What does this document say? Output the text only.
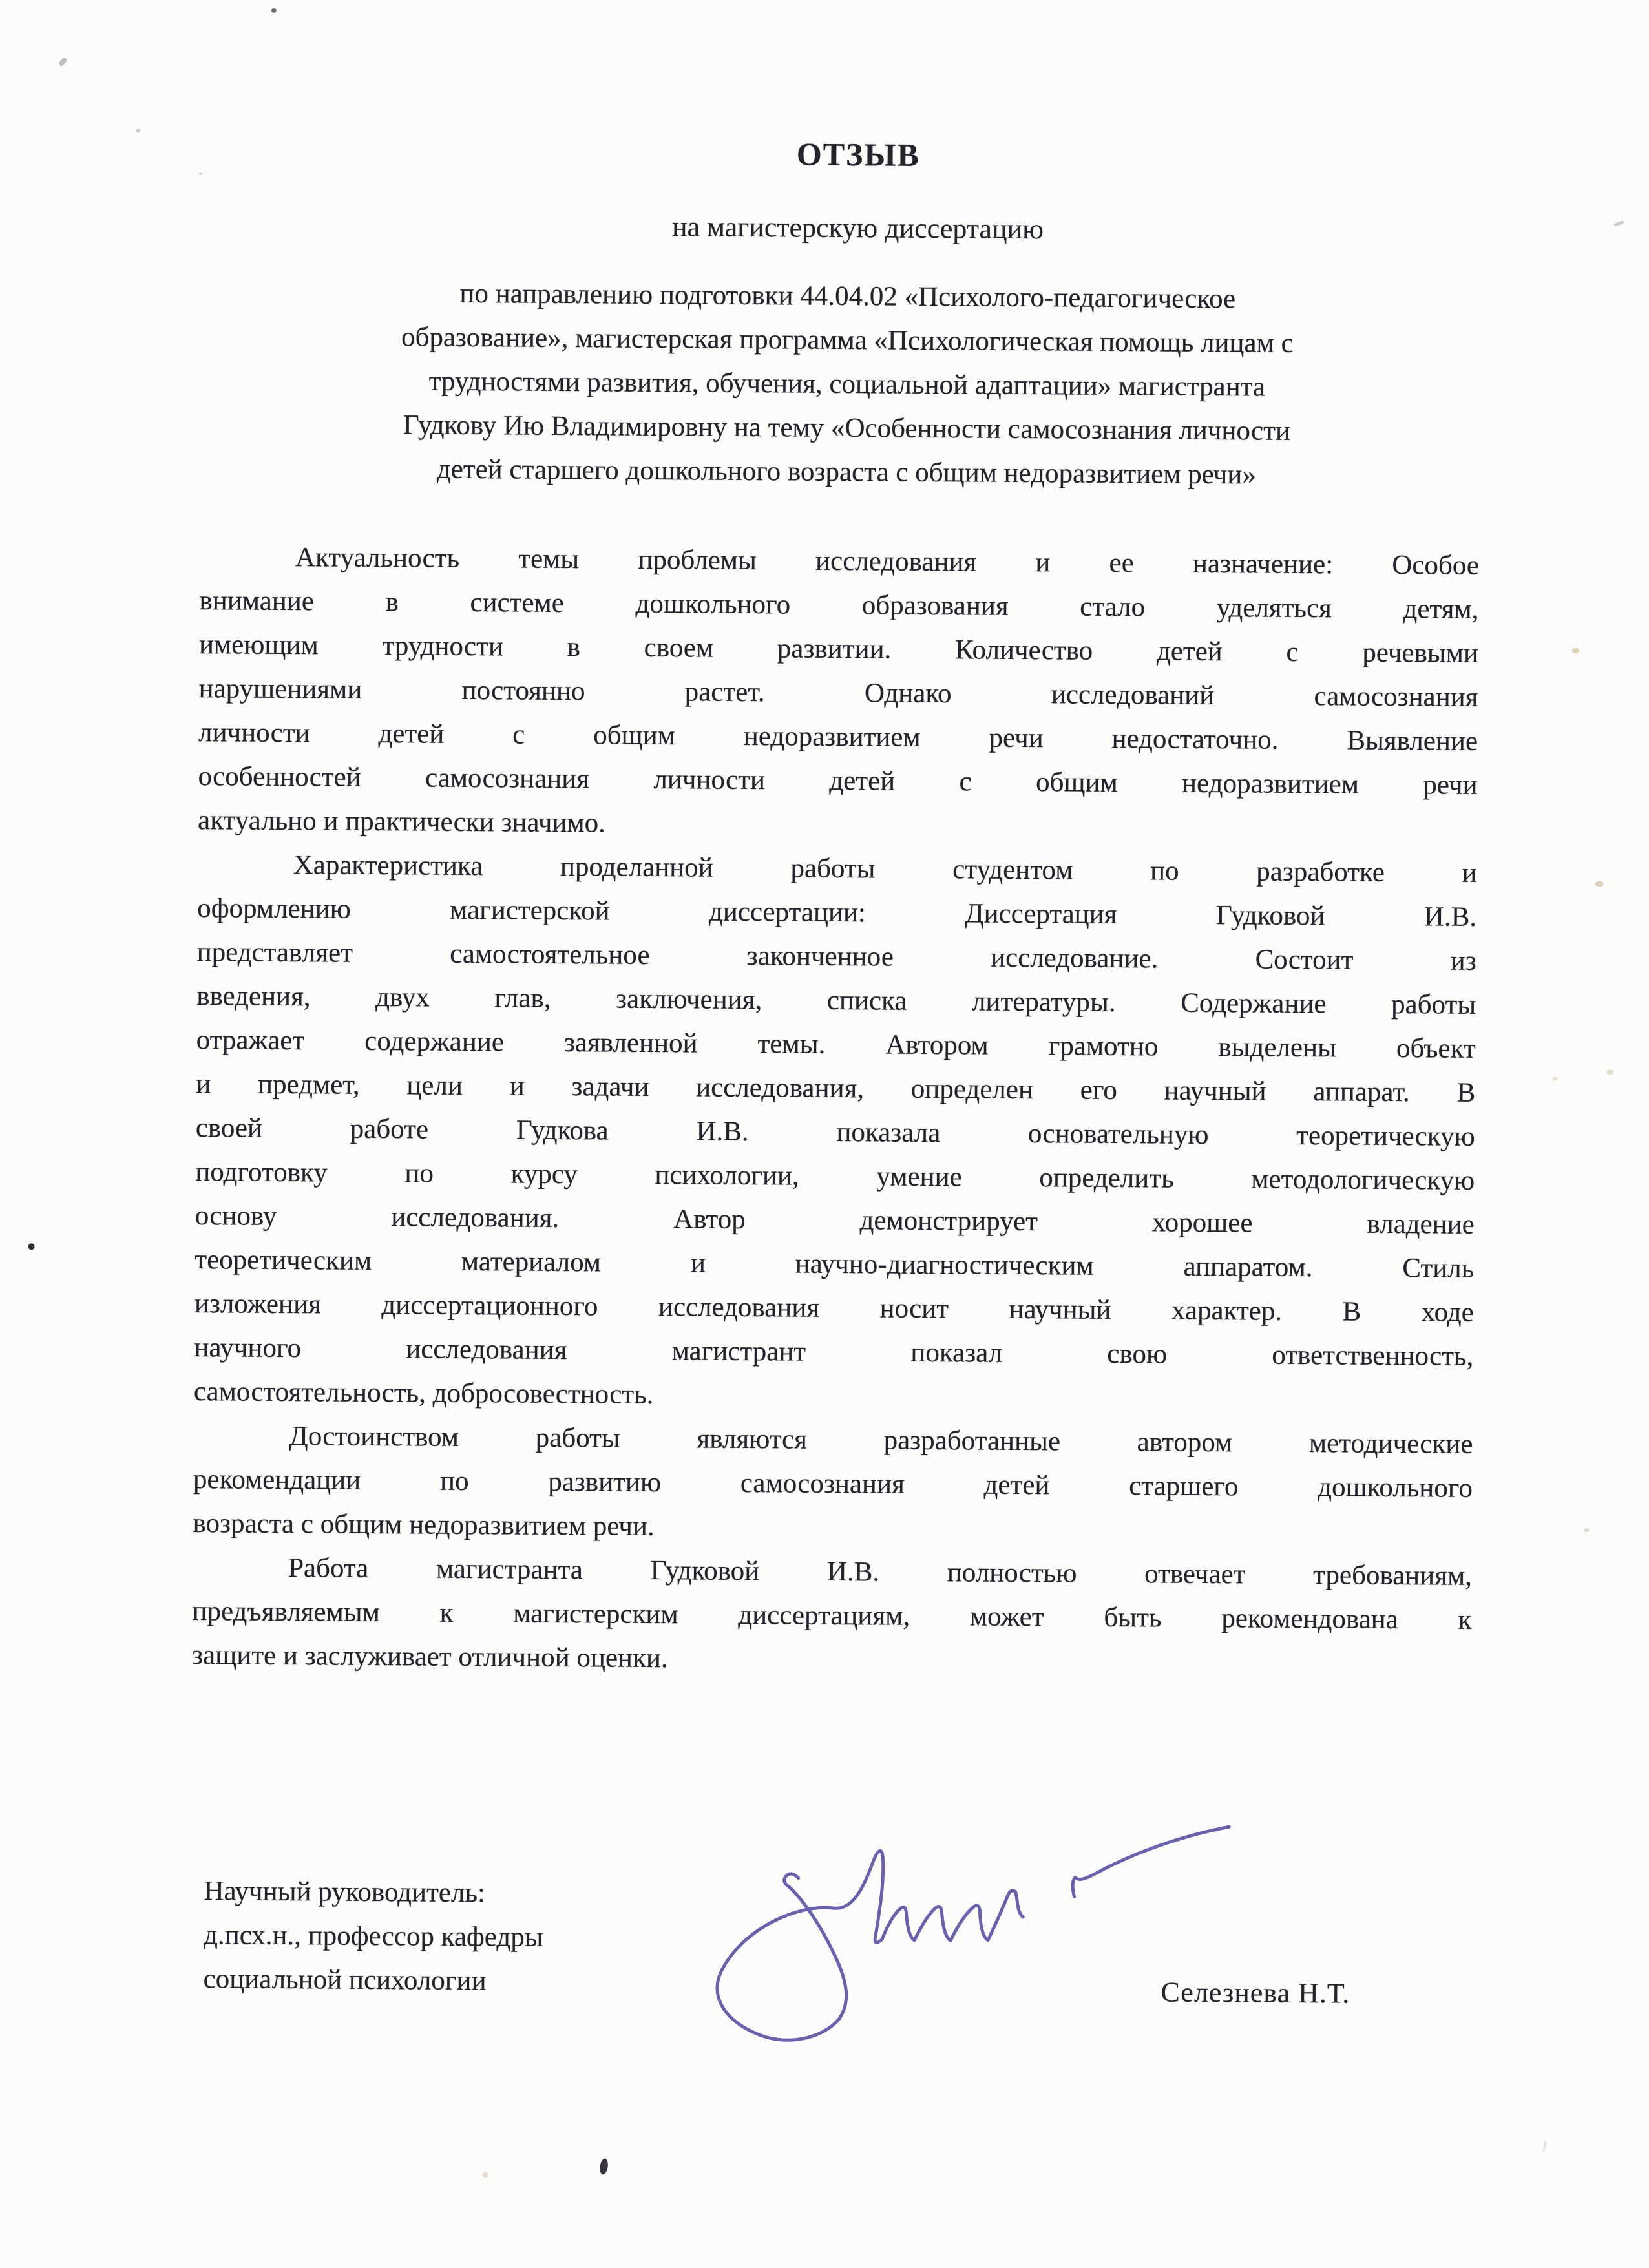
ОТЗЫВ
на магистерскую диссертацию
по направлению подготовки 44.04.02 «Психолого-педагогическое
образование», магистерская программа «Психологическая помощь лицам с
трудностями развития, обучения, социальной адаптации» магистранта
Гудкову Ию Владимировну на тему «Особенности самосознания личности
детей старшего дошкольного возраста с общим недоразвитием речи»
Актуальность темы проблемы исследования и ее назначение: Особое
внимание в системе дошкольного образования стало уделяться детям,
имеющим трудности в своем развитии. Количество детей с речевыми
нарушениями постоянно растет. Однако исследований самосознания
личности детей с общим недоразвитием речи недостаточно. Выявление
особенностей самосознания личности детей с общим недоразвитием речи
актуально и практически значимо.
Характеристика проделанной работы студентом по разработке и
оформлению магистерской диссертации: Диссертация Гудковой И.В.
представляет самостоятельное законченное исследование. Состоит из
введения, двух глав, заключения, списка литературы. Содержание работы
отражает содержание заявленной темы. Автором грамотно выделены объект
и предмет, цели и задачи исследования, определен его научный аппарат. В
своей работе Гудкова И.В. показала основательную теоретическую
подготовку по курсу психологии, умение определить методологическую
основу исследования. Автор демонстрирует хорошее владение
теоретическим материалом и научно-диагностическим аппаратом. Стиль
изложения диссертационного исследования носит научный характер. В ходе
научного исследования магистрант показал свою ответственность,
самостоятельность, добросовестность.
Достоинством работы являются разработанные автором методические
рекомендации по развитию самосознания детей старшего дошкольного
возраста с общим недоразвитием речи.
Работа магистранта Гудковой И.В. полностью отвечает требованиям,
предъявляемым к магистерским диссертациям, может быть рекомендована к
защите и заслуживает отличной оценки.
Научный руководитель:
д.псх.н., профессор кафедры
социальной психологии	Селезнева Н.Т.
